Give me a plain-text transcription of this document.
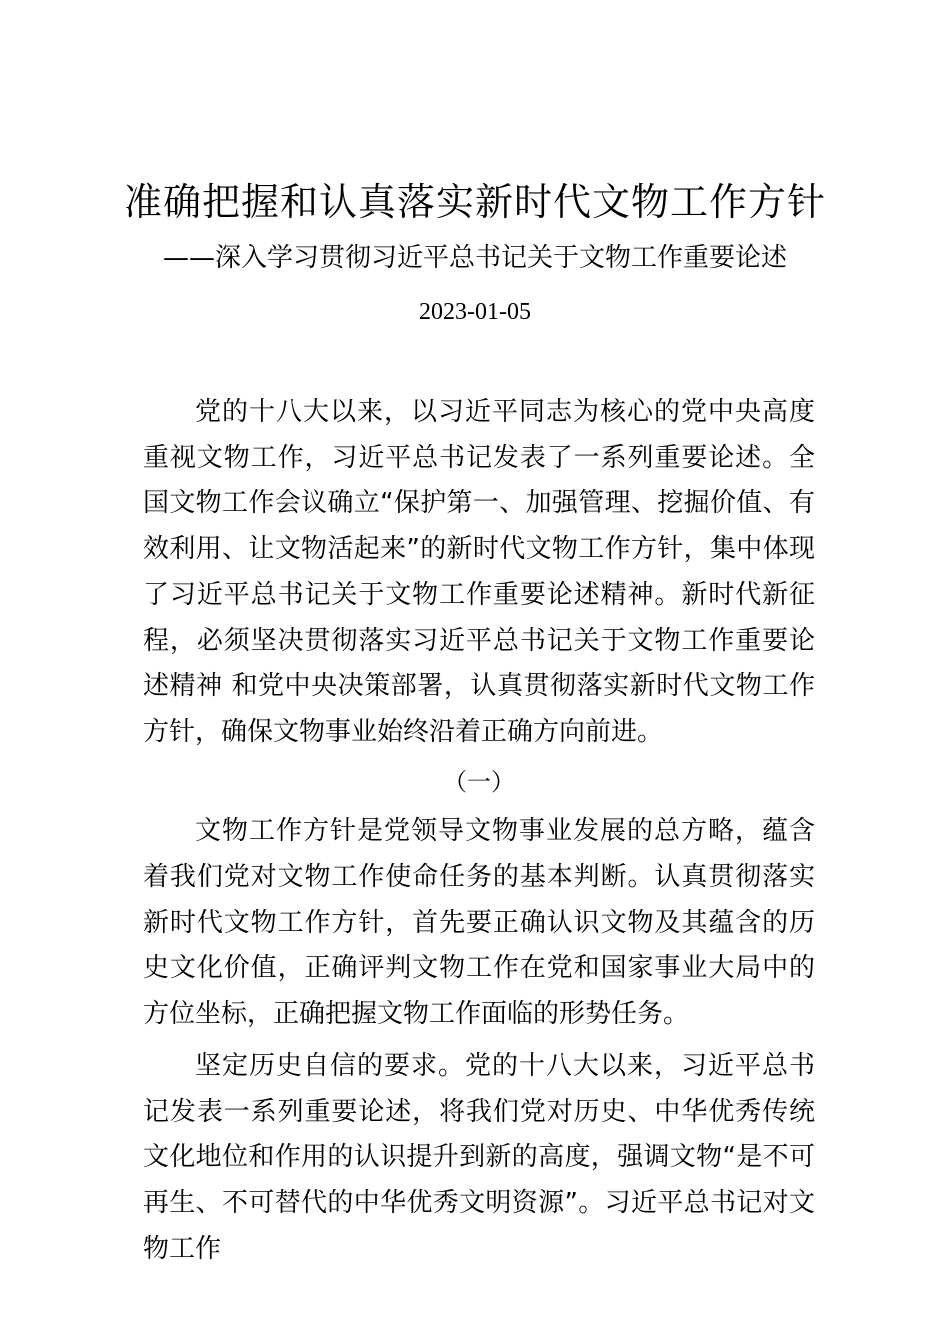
准确把握和认真落实新时代文物工作方针
——深入学习贯彻习近平总书记关于文物工作重要论述
2023-01-05

党的十八大以来，以习近平同志为核心的党中央高度重视文物工作，习近平总书记发表了一系列重要论述。全国文物工作会议确立“保护第一、加强管理、挖掘价值、有效利用、让文物活起来”的新时代文物工作方针，集中体现了习近平总书记关于文物工作重要论述精神。新时代新征程，必须坚决贯彻落实习近平总书记关于文物工作重要论述精神 和党中央决策部署，认真贯彻落实新时代文物工作方针，确保文物事业始终沿着正确方向前进。

（一）

文物工作方针是党领导文物事业发展的总方略，蕴含着我们党对文物工作使命任务的基本判断。认真贯彻落实新时代文物工作方针，首先要正确认识文物及其蕴含的历史文化价值，正确评判文物工作在党和国家事业大局中的方位坐标，正确把握文物工作面临的形势任务。

坚定历史自信的要求。党的十八大以来，习近平总书记发表一系列重要论述，将我们党对历史、中华优秀传统文化地位和作用的认识提升到新的高度，强调文物“是不可再生、不可替代的中华优秀文明资源”。习近平总书记对文物工作
